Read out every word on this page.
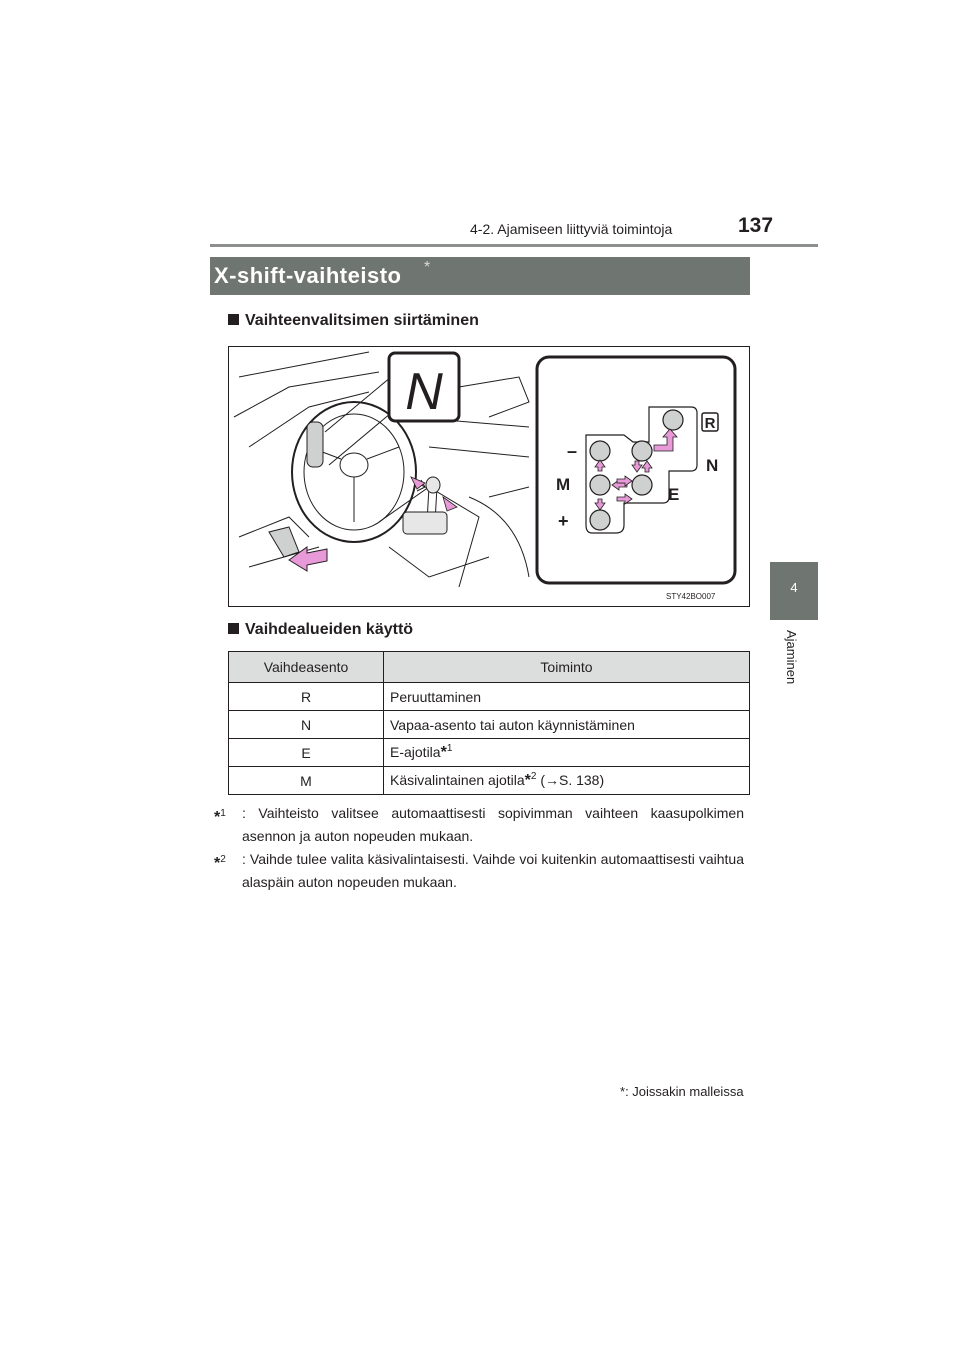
4-2. Ajamiseen liittyviä toimintoja	137
4
Ajaminen
X-shift-vaihteisto *
Vaihteenvalitsimen siirtäminen
N
–
M
+
N
E
R
STY42BO007
Vaihdealueiden käyttö
Vaihdeasento	Toiminto
R	Peruuttaminen
N	Vapaa-asento tai auton käynnistäminen
E	E-ajotila*$^1$
M	Käsivalintainen ajotila*$^2$ (→S. 138)
*$^1$ : Vaihteisto valitsee automaattisesti sopivimman vaihteen kaasupolkimen asennon ja auton nopeuden mukaan.
*$^2$ : Vaihde tulee valita käsivalintaisesti. Vaihde voi kuitenkin automaattisesti vaihtua alaspäin auton nopeuden mukaan.
*: Joissakin malleissa
